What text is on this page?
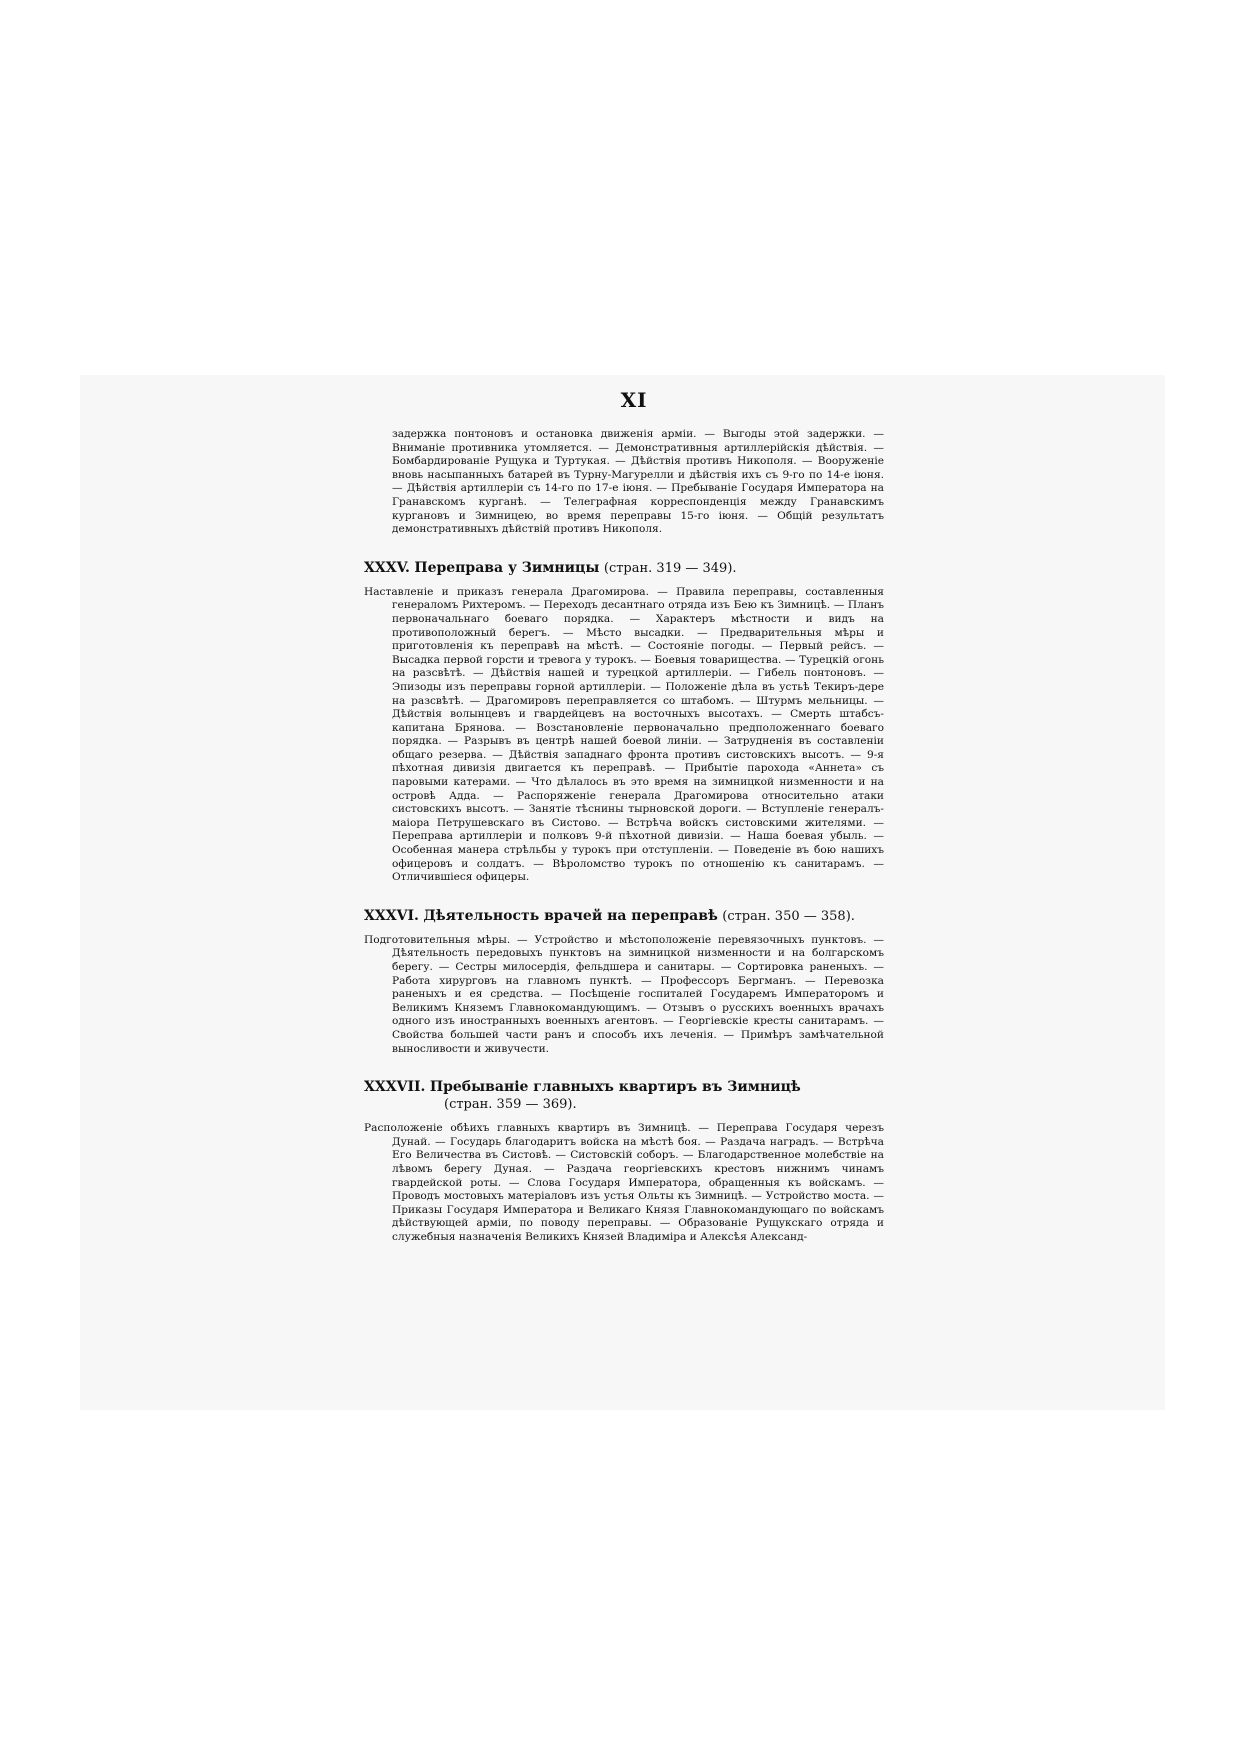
XI

задержка понтоновъ и остановка движенія арміи. — Выгоды этой задержки. — Вниманіе противника утомляется. — Демонстративныя артиллерійскія дѣйствія. — Бомбардированіе Рущука и Туртукая. — Дѣйствія противъ Никополя. — Вооруженіе вновь насыпанныхъ батарей въ Турну-Магурелли и дѣйствія ихъ съ 9-го по 14-е іюня. — Дѣйствія артиллеріи съ 14-го по 17-е іюня. — Пребываніе Государя Императора на Гранавскомъ курганѣ. — Телеграфная корреспонденція между Гранавскимъ кургановъ и Зимницею, во время переправы 15-го іюня. — Общій результатъ демонстративныхъ дѣйствій противъ Никополя.

XXXV. Переправа у Зимницы (стран. 319 — 349).

Наставленіе и приказъ генерала Драгомирова. — Правила переправы, составленныя генераломъ Рихтеромъ. — Переходъ десантнаго отряда изъ Бею къ Зимницѣ. — Планъ первоначальнаго боеваго порядка. — Характеръ мѣстности и видъ на противоположный берегъ. — Мѣсто высадки. — Предварительныя мѣры и приготовленія къ переправѣ на мѣстѣ. — Состояніе погоды. — Первый рейсъ. — Высадка первой горсти и тревога у турокъ. — Боевыя товарищества. — Турецкій огонь на разсвѣтѣ. — Дѣйствія нашей и турецкой артиллеріи. — Гибель понтоновъ. — Эпизоды изъ переправы горной артиллеріи. — Положеніе дѣла въ устьѣ Текиръ-дере на разсвѣтѣ. — Драгомировъ переправляется со штабомъ. — Штурмъ мельницы. — Дѣйствія волынцевъ и гвардейцевъ на восточныхъ высотахъ. — Смерть штабсъ-капитана Брянова. — Возстановленіе первоначально предположеннаго боеваго порядка. — Разрывъ въ центрѣ нашей боевой линіи. — Затрудненія въ составленіи общаго резерва. — Дѣйствія западнаго фронта противъ систовскихъ высотъ. — 9-я пѣхотная дивизія двигается къ переправѣ. — Прибытіе парохода «Аннета» съ паровыми катерами. — Что дѣлалось въ это время на зимницкой низменности и на островѣ Адда. — Распоряженіе генерала Драгомирова относительно атаки систовскихъ высотъ. — Занятіе тѣснины тырновской дороги. — Вступленіе генералъ-маіора Петрушевскаго въ Систово. — Встрѣча войскъ систовскими жителями. — Переправа артиллеріи и полковъ 9-й пѣхотной дивизіи. — Наша боевая убыль. — Особенная манера стрѣльбы у турокъ при отступленіи. — Поведеніе въ бою нашихъ офицеровъ и солдатъ. — Вѣроломство турокъ по отношенію къ санитарамъ. — Отличившіеся офицеры.

XXXVI. Дѣятельность врачей на переправѣ (стран. 350 — 358).

Подготовительныя мѣры. — Устройство и мѣстоположеніе перевязочныхъ пунктовъ. — Дѣятельность передовыхъ пунктовъ на зимницкой низменности и на болгарскомъ берегу. — Сестры милосердія, фельдшера и санитары. — Сортировка раненыхъ. — Работа хирурговъ на главномъ пунктѣ. — Профессоръ Бергманъ. — Перевозка раненыхъ и ея средства. — Посѣщеніе госпиталей Государемъ Императоромъ и Великимъ Княземъ Главнокомандующимъ. — Отзывъ о русскихъ военныхъ врачахъ одного изъ иностранныхъ военныхъ агентовъ. — Георгіевскіе кресты санитарамъ. — Свойства большей части ранъ и способъ ихъ леченія. — Примѣръ замѣчательной выносливости и живучести.

XXXVII. Пребываніе главныхъ квартиръ въ Зимницѣ
(стран. 359 — 369).

Расположеніе обѣихъ главныхъ квартиръ въ Зимницѣ. — Переправа Государя черезъ Дунай. — Государь благодаритъ войска на мѣстѣ боя. — Раздача наградъ. — Встрѣча Его Величества въ Систовѣ. — Систовскій соборъ. — Благодарственное молебствіе на лѣвомъ берегу Дуная. — Раздача георгіевскихъ крестовъ нижнимъ чинамъ гвардейской роты. — Слова Государя Императора, обращенныя къ войскамъ. — Проводъ мостовыхъ матеріаловъ изъ устья Ольты къ Зимницѣ. — Устройство моста. — Приказы Государя Императора и Великаго Князя Главнокомандующаго по войскамъ дѣйствующей арміи, по поводу переправы. — Образованіе Рущукскаго отряда и служебныя назначенія Великихъ Князей Владиміра и Алексѣя Александ-
